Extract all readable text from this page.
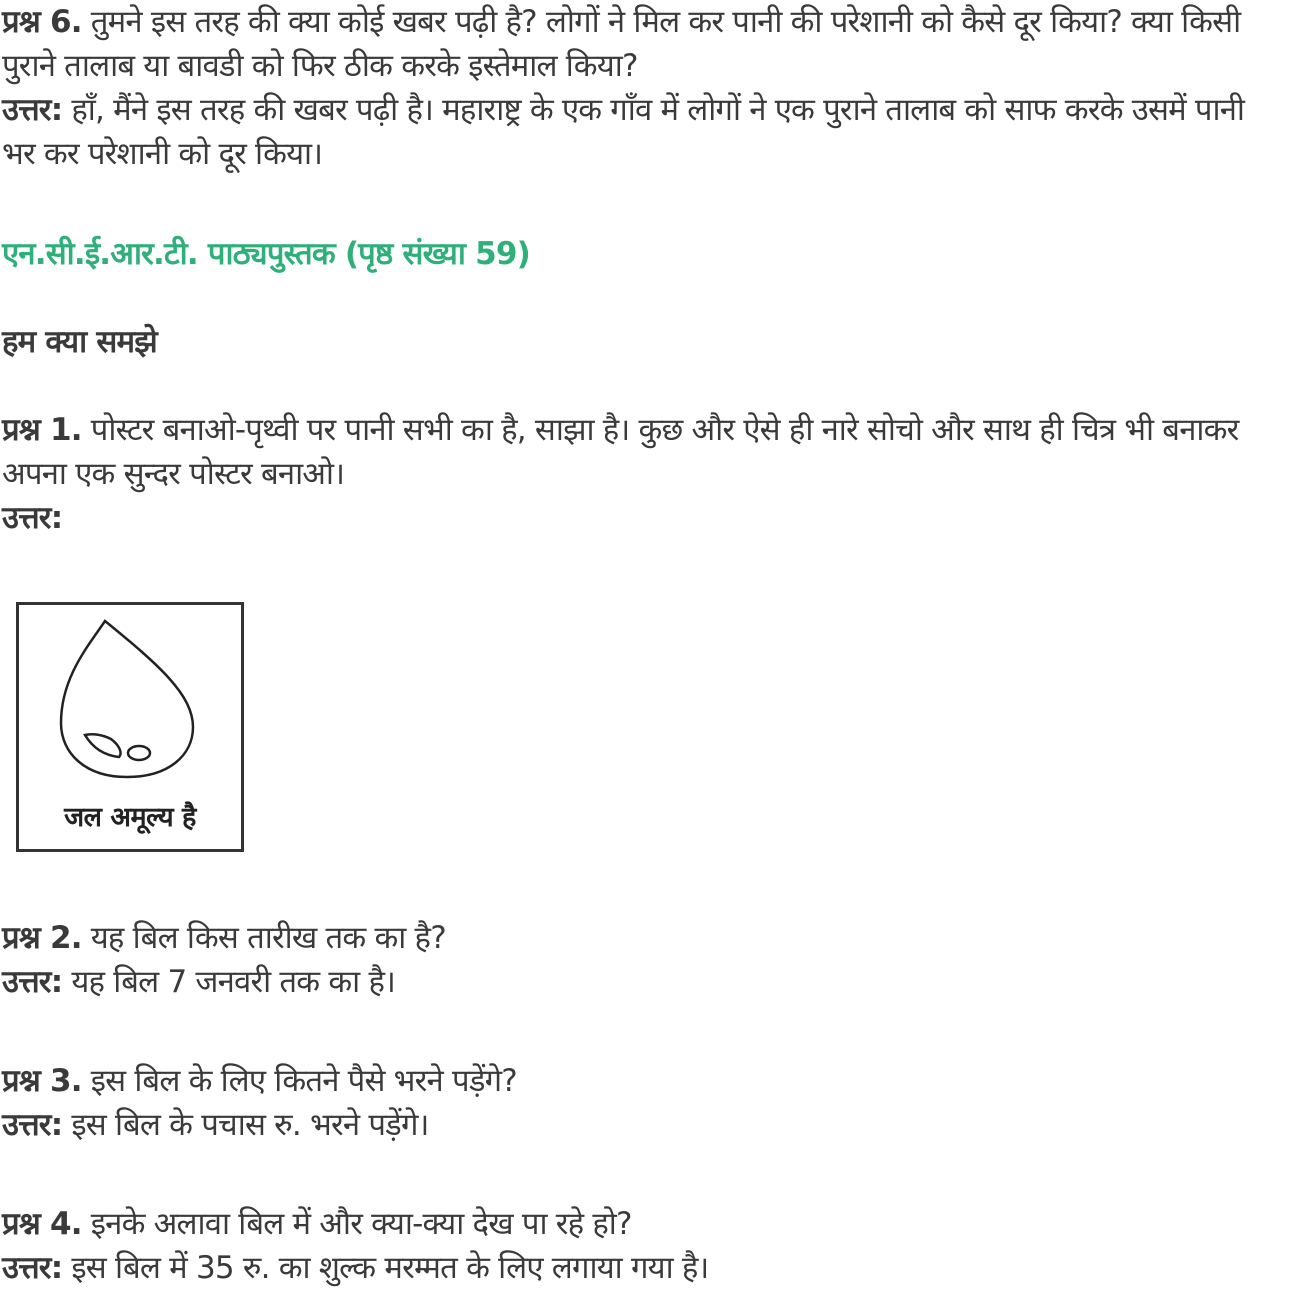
प्रश्न 6. तुमने इस तरह की क्या कोई खबर पढ़ी है? लोगों ने मिल कर पानी की परेशानी को कैसे दूर किया? क्या किसी पुराने तालाब या बावडी को फिर ठीक करके इस्तेमाल किया?
उत्तर: हाँ, मैंने इस तरह की खबर पढ़ी है। महाराष्ट्र के एक गाँव में लोगों ने एक पुराने तालाब को साफ करके उसमें पानी भर कर परेशानी को दूर किया।
एन.सी.ई.आर.टी. पाठ्यपुस्तक (पृष्ठ संख्या 59)
हम क्या समझे
प्रश्न 1. पोस्टर बनाओ-पृथ्वी पर पानी सभी का है, साझा है। कुछ और ऐसे ही नारे सोचो और साथ ही चित्र भी बनाकर अपना एक सुन्दर पोस्टर बनाओ।
उत्तर:
जल अमूल्य है
प्रश्न 2. यह बिल किस तारीख तक का है?
उत्तर: यह बिल 7 जनवरी तक का है।
प्रश्न 3. इस बिल के लिए कितने पैसे भरने पड़ेंगे?
उत्तर: इस बिल के पचास रु. भरने पड़ेंगे।
प्रश्न 4. इनके अलावा बिल में और क्या-क्या देख पा रहे हो?
उत्तर: इस बिल में 35 रु. का शुल्क मरम्मत के लिए लगाया गया है।
